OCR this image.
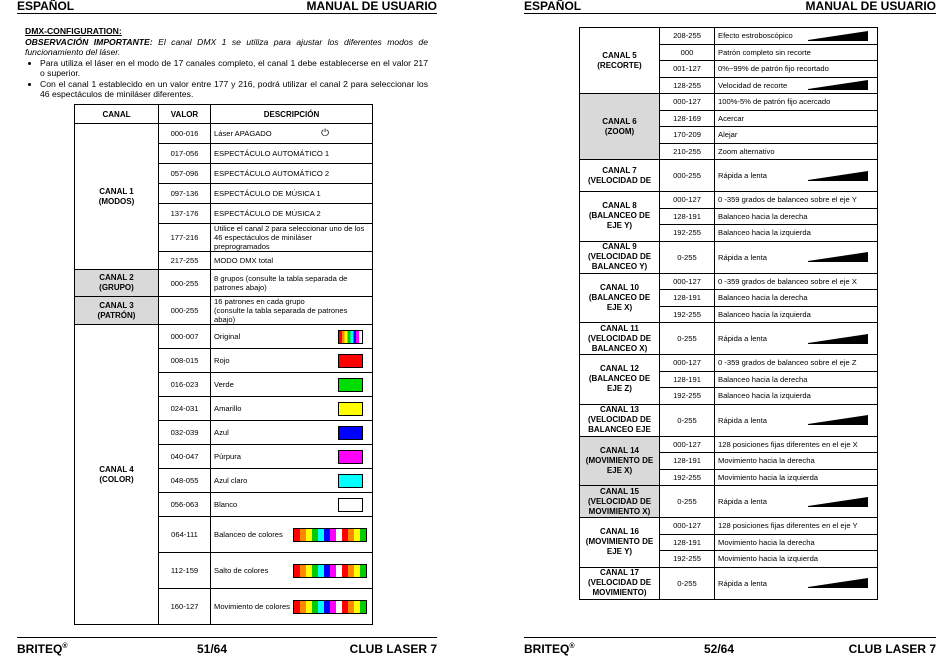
ESPAÑOL	MANUAL DE USUARIO
DMX-CONFIGURATION:

OBSERVACIÓN IMPORTANTE: El canal DMX 1 se utiliza para ajustar los diferentes modos de funcionamiento del láser.

• Para utiliza el láser en el modo de 17 canales completo, el canal 1 debe establecerse en el valor 217 o superior.
• Con el canal 1 establecido en un valor entre 177 y 216, podrá utilizar el canal 2 para seleccionar los 46 espectáculos de miniláser diferentes.
CANAL	VALOR	DESCRIPCIÓN
CANAL 1
(MODOS)	000-016	Láser APAGADO ⏻

	017-056	ESPECTÁCULO AUTOMÁTICO 1

	057-096	ESPECTÁCULO AUTOMÁTICO 2

	097-136	ESPECTÁCULO DE MÚSICA 1

	137-176	ESPECTÁCULO DE MÚSICA 2

	177-216	Utilice el canal 2 para seleccionar uno de los 46 espectáculos de miniláser preprogramados

	217-255	MODO DMX total

CANAL 2
(GRUPO)	000-255	8 grupos (consulte la tabla separada de patrones abajo)

CANAL 3
(PATRÓN)	000-255	16 patrones en cada grupo
(consulte la tabla separada de patrones abajo)

CANAL 4
(COLOR)	000-007	Original

	008-015	Rojo

	016-023	Verde

	024-031	Amarillo

	032-039	Azul

	040-047	Púrpura

	048-055	Azul claro

	056-063	Blanco

	064-111	Balanceo de colores

	112-159	Salto de colores

	160-127	Movimiento de colores
BRITEQ®	51/64	CLUB LASER 7
ESPAÑOL	MANUAL DE USUARIO
CANAL 5
(RECORTE)	208-255	Efecto estroboscópico

	000	Patrón completo sin recorte

	001-127	0%~99% de patrón fijo recortado

	128-255	Velocidad de recorte

CANAL 6
(ZOOM)	000-127	100%-5% de patrón fijo acercado

	128-169	Acercar

	170-209	Alejar

	210-255	Zoom alternativo

CANAL 7
(VELOCIDAD DE	000-255	Rápida a lenta

CANAL 8
(BALANCEO DE
EJE Y)	000-127	0 -359 grados de balanceo sobre el eje Y

	128-191	Balanceo hacia la derecha

	192-255	Balanceo hacia la izquierda

CANAL 9
(VELOCIDAD DE
BALANCEO Y)	0-255	Rápida a lenta

CANAL 10
(BALANCEO DE
EJE X)	000-127	0 -359 grados de balanceo sobre el eje X

	128-191	Balanceo hacia la derecha

	192-255	Balanceo hacia la izquierda

CANAL 11
(VELOCIDAD DE
BALANCEO X)	0-255	Rápida a lenta

CANAL 12
(BALANCEO DE
EJE Z)	000-127	0 -359 grados de balanceo sobre el eje Z

	128-191	Balanceo hacia la derecha

	192-255	Balanceo hacia la izquierda

CANAL 13
(VELOCIDAD DE
BALANCEO EJE	0-255	Rápida a lenta

CANAL 14
(MOVIMIENTO DE
EJE X)	000-127	128 posiciones fijas diferentes en el eje X

	128-191	Movimiento hacia la derecha

	192-255	Movimiento hacia la izquierda

CANAL 15
(VELOCIDAD DE
MOVIMIENTO X)	0-255	Rápida a lenta

CANAL 16
(MOVIMIENTO DE
EJE Y)	000-127	128 posiciones fijas diferentes en el eje Y

	128-191	Movimiento hacia la derecha

	192-255	Movimiento hacia la izquierda

CANAL 17
(VELOCIDAD DE
MOVIMIENTO)	0-255	Rápida a lenta
BRITEQ®	52/64	CLUB LASER 7
